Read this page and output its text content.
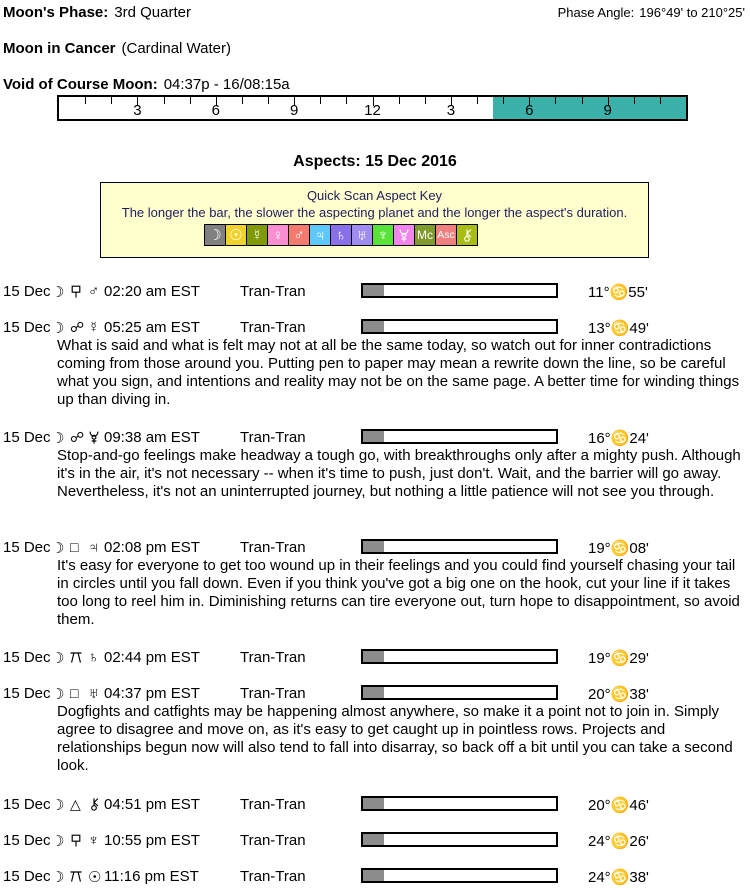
Moon's Phase: 3rd Quarter	Phase Angle: 196°49' to 210°25'
Moon in Cancer (Cardinal Water)
Void of Course Moon: 04:37p - 16/08:15a
3	6	9	12	3	6	9
Aspects: 15 Dec 2016
Quick Scan Aspect Key
The longer the bar, the slower the aspecting planet and the longer the aspect's duration.
☽ ☉ ☿ ♀ ♂ ♃ ♄ ♅ ♆	Mc Asc
15 Dec ☽ ♂ 02:20 am EST	Tran-Tran	11°♋55'
15 Dec ☽ ☍ ☿ 05:25 am EST	Tran-Tran	13°♋49'
What is said and what is felt may not at all be the same today, so watch out for inner contradictions coming from those around you. Putting pen to paper may mean a rewrite down the line, so be careful what you sign, and intentions and reality may not be on the same page. A better time for winding things up than diving in.
15 Dec ☽ ☍ 09:38 am EST	Tran-Tran	16°♋24'
Stop-and-go feelings make headway a tough go, with breakthroughs only after a mighty push. Although it's in the air, it's not necessary -- when it's time to push, just don't. Wait, and the barrier will go away. Nevertheless, it's not an uninterrupted journey, but nothing a little patience will not see you through.
15 Dec ☽ □ ♃ 02:08 pm EST	Tran-Tran	19°♋08'
It's easy for everyone to get too wound up in their feelings and you could find yourself chasing your tail in circles until you fall down. Even if you think you've got a big one on the hook, cut your line if it takes too long to reel him in. Diminishing returns can tire everyone out, turn hope to disappointment, so avoid them.
15 Dec ☽ ♄ 02:44 pm EST	Tran-Tran	19°♋29'
15 Dec ☽ □ ♅ 04:37 pm EST	Tran-Tran	20°♋38'
Dogfights and catfights may be happening almost anywhere, so make it a point not to join in. Simply agree to disagree and move on, as it's easy to get caught up in pointless rows. Projects and relationships begun now will also tend to fall into disarray, so back off a bit until you can take a second look.
15 Dec ☽ △ 04:51 pm EST	Tran-Tran	20°♋46'
15 Dec ☽ ♆ 10:55 pm EST	Tran-Tran	24°♋26'
15 Dec ☽ ☉ 11:16 pm EST	Tran-Tran	24°♋38'
